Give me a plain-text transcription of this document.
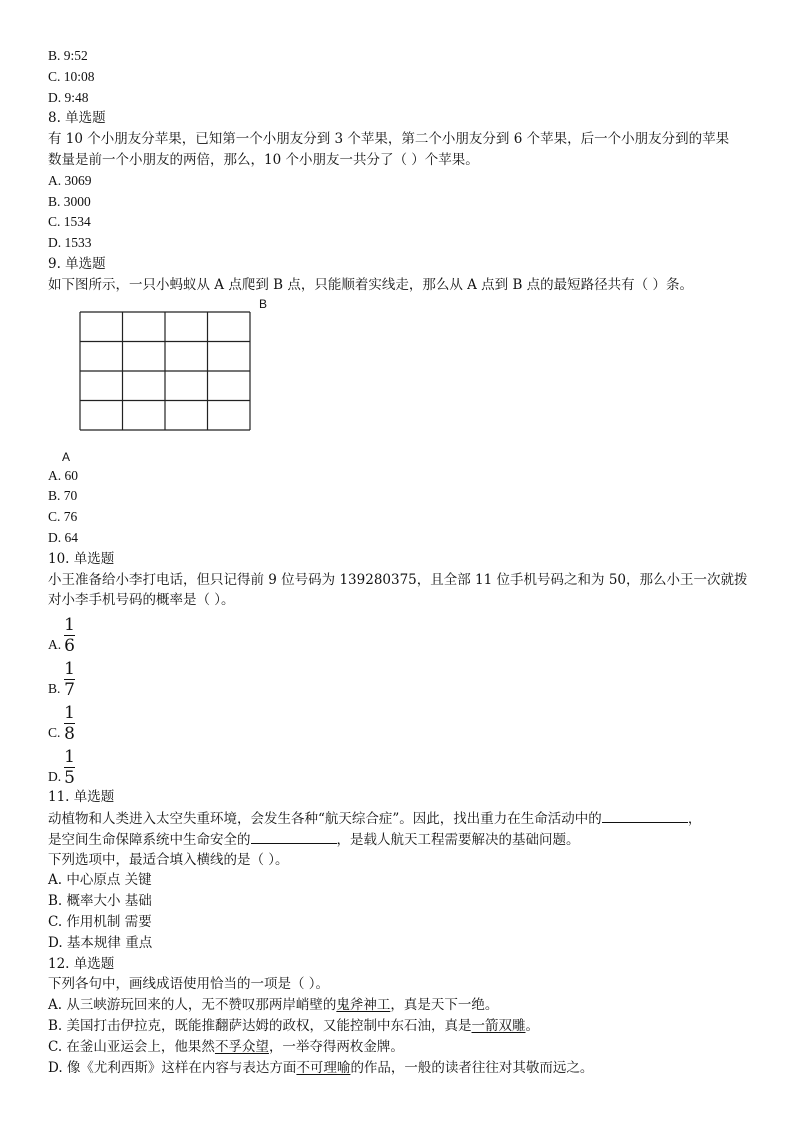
B. 9:52
C. 10:08
D. 9:48
8. 单选题
有 10 个小朋友分苹果，已知第一个小朋友分到 3 个苹果，第二个小朋友分到 6 个苹果，后一个小朋友分到的苹果
数量是前一个小朋友的两倍，那么，10 个小朋友一共分了（ ）个苹果。
A. 3069
B. 3000
C. 1534
D. 1533
9. 单选题
如下图所示，一只小蚂蚁从 A 点爬到 B 点，只能顺着实线走，那么从 A 点到 B 点的最短路径共有（ ）条。
B
A
A. 60
B. 70
C. 76
D. 64
10. 单选题
小王准备给小李打电话，但只记得前 9 位号码为 139280375，且全部 11 位手机号码之和为 50，那么小王一次就拨
对小李手机号码的概率是（ ）。
A.
1
6
B.
1
7
C.
1
8
D.
1
5
11. 单选题
动植物和人类进入太空失重环境，会发生各种“航天综合症”。因此，找出重力在生命活动中的	，
是空间生命保障系统中生命安全的	，是载人航天工程需要解决的基础问题。
下列选项中，最适合填入横线的是（ ）。
A. 中心原点 关键
B. 概率大小 基础
C. 作用机制 需要
D. 基本规律 重点
12. 单选题
下列各句中，画线成语使用恰当的一项是（ ）。
A. 从三峡游玩回来的人，无不赞叹那两岸峭壁的鬼斧神工，真是天下一绝。
B. 美国打击伊拉克，既能推翻萨达姆的政权，又能控制中东石油，真是一箭双雕。
C. 在釜山亚运会上，他果然不孚众望，一举夺得两枚金牌。
D. 像《尤利西斯》这样在内容与表达方面不可理喻的作品，一般的读者往往对其敬而远之。
